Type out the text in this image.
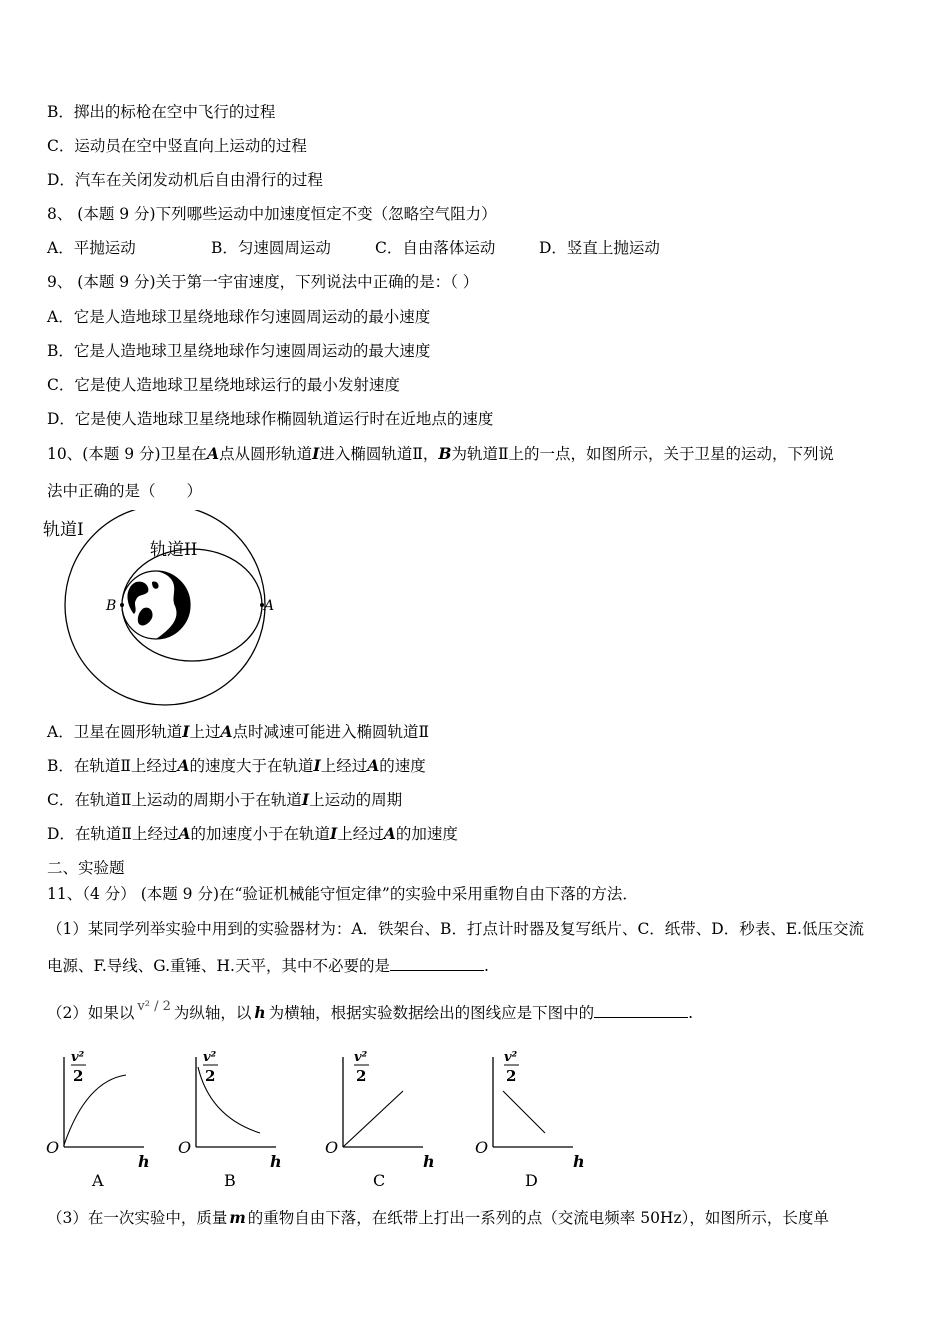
B．掷出的标枪在空中飞行的过程
C．运动员在空中竖直向上运动的过程
D．汽车在关闭发动机后自由滑行的过程
8、 (本题 9 分)下列哪些运动中加速度恒定不变（忽略空气阻力）
A．平抛运动	B．匀速圆周运动	C．自由落体运动	D．竖直上抛运动
9、 (本题 9 分)关于第一宇宙速度，下列说法中正确的是：（ ）
A．它是人造地球卫星绕地球作匀速圆周运动的最小速度
B．它是人造地球卫星绕地球作匀速圆周运动的最大速度
C．它是使人造地球卫星绕地球运行的最小发射速度
D．它是使人造地球卫星绕地球作椭圆轨道运行时在近地点的速度
10、(本题 9 分)卫星在A点从圆形轨道I进入椭圆轨道Ⅱ，B为轨道Ⅱ上的一点，如图所示，关于卫星的运动，下列说
法中正确的是（　　）
轨道I
轨道II
A
B
A．卫星在圆形轨道I上过A点时减速可能进入椭圆轨道Ⅱ
B．在轨道Ⅱ上经过A的速度大于在轨道I上经过A的速度
C．在轨道Ⅱ上运动的周期小于在轨道I上运动的周期
D．在轨道Ⅱ上经过A的加速度小于在轨道I上经过A的加速度
二、实验题
11、（4 分） (本题 9 分)在“验证机械能守恒定律”的实验中采用重物自由下落的方法．
（1）某同学列举实验中用到的实验器材为：A．铁架台、B．打点计时器及复写纸片、C．纸带、D．秒表、E.低压交流
电源、F.导线、G.重锤、H.天平，其中不必要的是	.
（2）如果以 $^{v^2 / 2}$ 为纵轴，以 h 为横轴，根据实验数据绘出的图线应是下图中的	.
v²
2
O
h
A
v²
2
O
h
B
v²
2
O
h
C
v²
2
O
h
D
（3）在一次实验中，质量 m 的重物自由下落，在纸带上打出一系列的点（交流电频率 50Hz），如图所示，长度单
